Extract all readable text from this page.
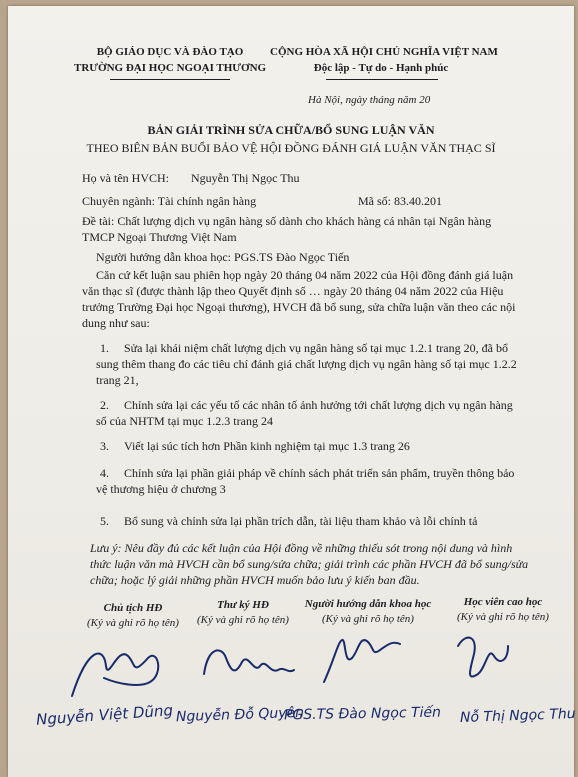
BỘ GIÁO DỤC VÀ ĐÀO TẠO
TRƯỜNG ĐẠI HỌC NGOẠI THƯƠNG
CỘNG HÒA XÃ HỘI CHỦ NGHĨA VIỆT NAM
Độc lập - Tự do - Hạnh phúc
Hà Nội, ngày tháng năm 20
BẢN GIẢI TRÌNH SỬA CHỮA/BỔ SUNG LUẬN VĂN
THEO BIÊN BẢN BUỔI BẢO VỆ HỘI ĐỒNG ĐÁNH GIÁ LUẬN VĂN THẠC SĨ
Họ và tên HVCH: Nguyễn Thị Ngọc Thu
Chuyên ngành: Tài chính ngân hàng	Mã số: 83.40.201
Đề tài: Chất lượng dịch vụ ngân hàng số dành cho khách hàng cá nhân tại Ngân hàng
TMCP Ngoại Thương Việt Nam
Người hướng dẫn khoa học: PGS.TS Đào Ngọc Tiến
Căn cứ kết luận sau phiên họp ngày 20 tháng 04 năm 2022 của Hội đồng đánh giá luận
văn thạc sĩ (được thành lập theo Quyết định số … ngày 20 tháng 04 năm 2022 của Hiệu
trưởng Trường Đại học Ngoại thương), HVCH đã bổ sung, sửa chữa luận văn theo các nội
dung như sau:
1. Sửa lại khái niệm chất lượng dịch vụ ngân hàng số tại mục 1.2.1 trang 20, đã bổ
sung thêm thang đo các tiêu chí đánh giá chất lượng dịch vụ ngân hàng số tại mục 1.2.2
trang 21,
2. Chỉnh sửa lại các yếu tố các nhân tố ảnh hưởng tới chất lượng dịch vụ ngân hàng
số của NHTM tại mục 1.2.3 trang 24
3. Viết lại súc tích hơn Phần kinh nghiệm tại mục 1.3 trang 26
4. Chỉnh sửa lại phần giải pháp về chính sách phát triển sản phẩm, truyền thông bảo
vệ thương hiệu ở chương 3
5. Bổ sung và chỉnh sửa lại phần trích dẫn, tài liệu tham khảo và lỗi chính tả
Lưu ý: Nêu đầy đủ các kết luận của Hội đồng về những thiếu sót trong nội dung và hình
thức luận văn mà HVCH cần bổ sung/sửa chữa; giải trình các phần HVCH đã bổ sung/sửa
chữa; hoặc lý giải những phần HVCH muốn bảo lưu ý kiến ban đầu.
Chủ tịch HĐ
(Ký và ghi rõ họ tên)
Thư ký HĐ
(Ký và ghi rõ họ tên)
Người hướng dẫn khoa học
(Ký và ghi rõ họ tên)
Học viên cao học
(Ký và ghi rõ họ tên)
Nguyễn Việt Dũng Nguyễn Đỗ Quyên
PGS.TS Đào Ngọc Tiến Nỗ Thị Ngọc Thu
